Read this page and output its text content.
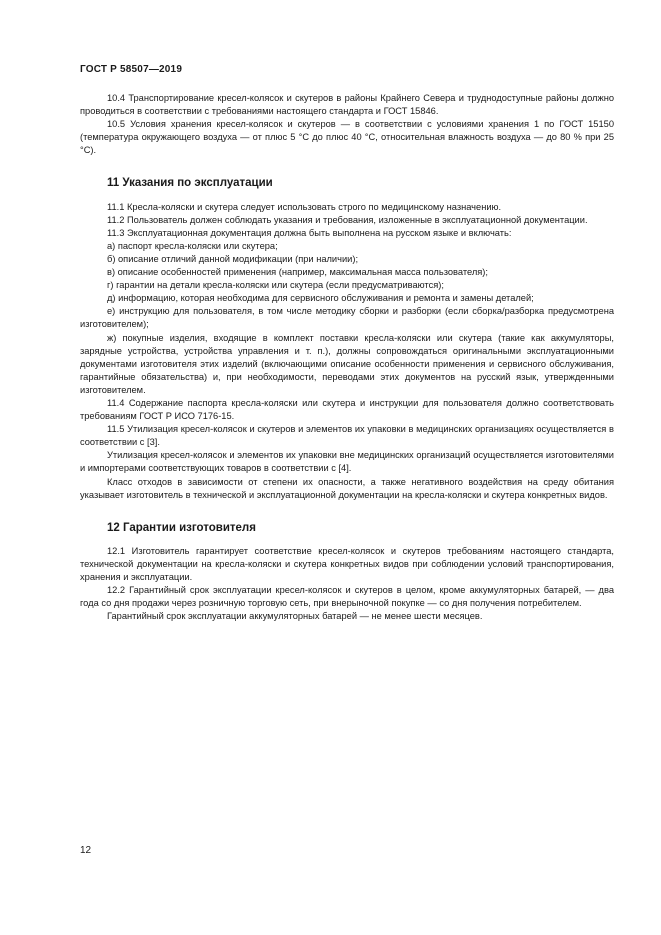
ГОСТ Р 58507—2019

10.4 Транспортирование кресел-колясок и скутеров в районы Крайнего Севера и труднодоступные районы должно проводиться в соответствии с требованиями настоящего стандарта и ГОСТ 15846.

10.5 Условия хранения кресел-колясок и скутеров — в соответствии с условиями хранения 1 по ГОСТ 15150 (температура окружающего воздуха — от плюс 5 °С до плюс 40 °С, относительная влажность воздуха — до 80 % при 25 °С).

11 Указания по эксплуатации

11.1 Кресла-коляски и скутера следует использовать строго по медицинскому назначению.

11.2 Пользователь должен соблюдать указания и требования, изложенные в эксплуатационной документации.

11.3 Эксплуатационная документация должна быть выполнена на русском языке и включать:

а) паспорт кресла-коляски или скутера;

б) описание отличий данной модификации (при наличии);

в) описание особенностей применения (например, максимальная масса пользователя);

г) гарантии на детали кресла-коляски или скутера (если предусматриваются);

д) информацию, которая необходима для сервисного обслуживания и ремонта и замены деталей;

е) инструкцию для пользователя, в том числе методику сборки и разборки (если сборка/разборка предусмотрена изготовителем);

ж) покупные изделия, входящие в комплект поставки кресла-коляски или скутера (такие как аккумуляторы, зарядные устройства, устройства управления и т. п.), должны сопровождаться оригинальными эксплуатационными документами изготовителя этих изделий (включающими описание особенности применения и сервисного обслуживания, гарантийные обязательства) и, при необходимости, переводами этих документов на русский язык, утвержденными изготовителем.

11.4 Содержание паспорта кресла-коляски или скутера и инструкции для пользователя должно соответствовать требованиям ГОСТ Р ИСО 7176-15.

11.5 Утилизация кресел-колясок и скутеров и элементов их упаковки в медицинских организациях осуществляется в соответствии с [3].

Утилизация кресел-колясок и элементов их упаковки вне медицинских организаций осуществляется изготовителями и импортерами соответствующих товаров в соответствии с [4].

Класс отходов в зависимости от степени их опасности, а также негативного воздействия на среду обитания указывает изготовитель в технической и эксплуатационной документации на кресла-коляски и скутера конкретных видов.

12 Гарантии изготовителя

12.1 Изготовитель гарантирует соответствие кресел-колясок и скутеров требованиям настоящего стандарта, технической документации на кресла-коляски и скутера конкретных видов при соблюдении условий транспортирования, хранения и эксплуатации.

12.2 Гарантийный срок эксплуатации кресел-колясок и скутеров в целом, кроме аккумуляторных батарей, — два года со дня продажи через розничную торговую сеть, при внерыночной покупке — со дня получения потребителем.

Гарантийный срок эксплуатации аккумуляторных батарей — не менее шести месяцев.

12
